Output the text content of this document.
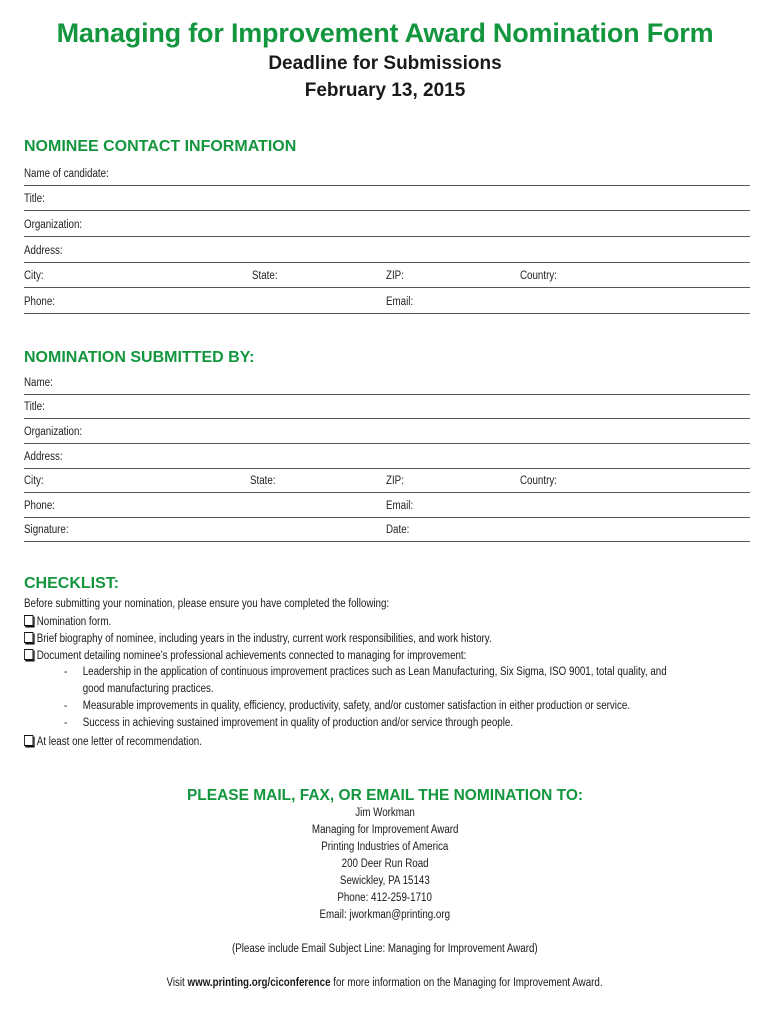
Managing for Improvement Award Nomination Form
Deadline for Submissions
February 13, 2015
NOMINEE CONTACT INFORMATION
Name of candidate:
Title:
Organization:
Address:
City:	State:	ZIP:	Country:
Phone:	Email:
NOMINATION SUBMITTED BY:
Name:
Title:
Organization:
Address:
City:	State:	ZIP:	Country:
Phone:	Email:
Signature:	Date:
CHECKLIST:
Before submitting your nomination, please ensure you have completed the following:
Nomination form.
Brief biography of nominee, including years in the industry, current work responsibilities, and work history.
Document detailing nominee’s professional achievements connected to managing for improvement:
- Leadership in the application of continuous improvement practices such as Lean Manufacturing, Six Sigma, ISO 9001, total quality, and
good manufacturing practices.
- Measurable improvements in quality, efficiency, productivity, safety, and/or customer satisfaction in either production or service.
- Success in achieving sustained improvement in quality of production and/or service through people.
At least one letter of recommendation.
PLEASE MAIL, FAX, OR EMAIL THE NOMINATION TO:
Jim Workman
Managing for Improvement Award
Printing Industries of America
200 Deer Run Road
Sewickley, PA 15143
Phone: 412-259-1710
Email: jworkman@printing.org
(Please include Email Subject Line: Managing for Improvement Award)
Visit www.printing.org/ciconference for more information on the Managing for Improvement Award.
